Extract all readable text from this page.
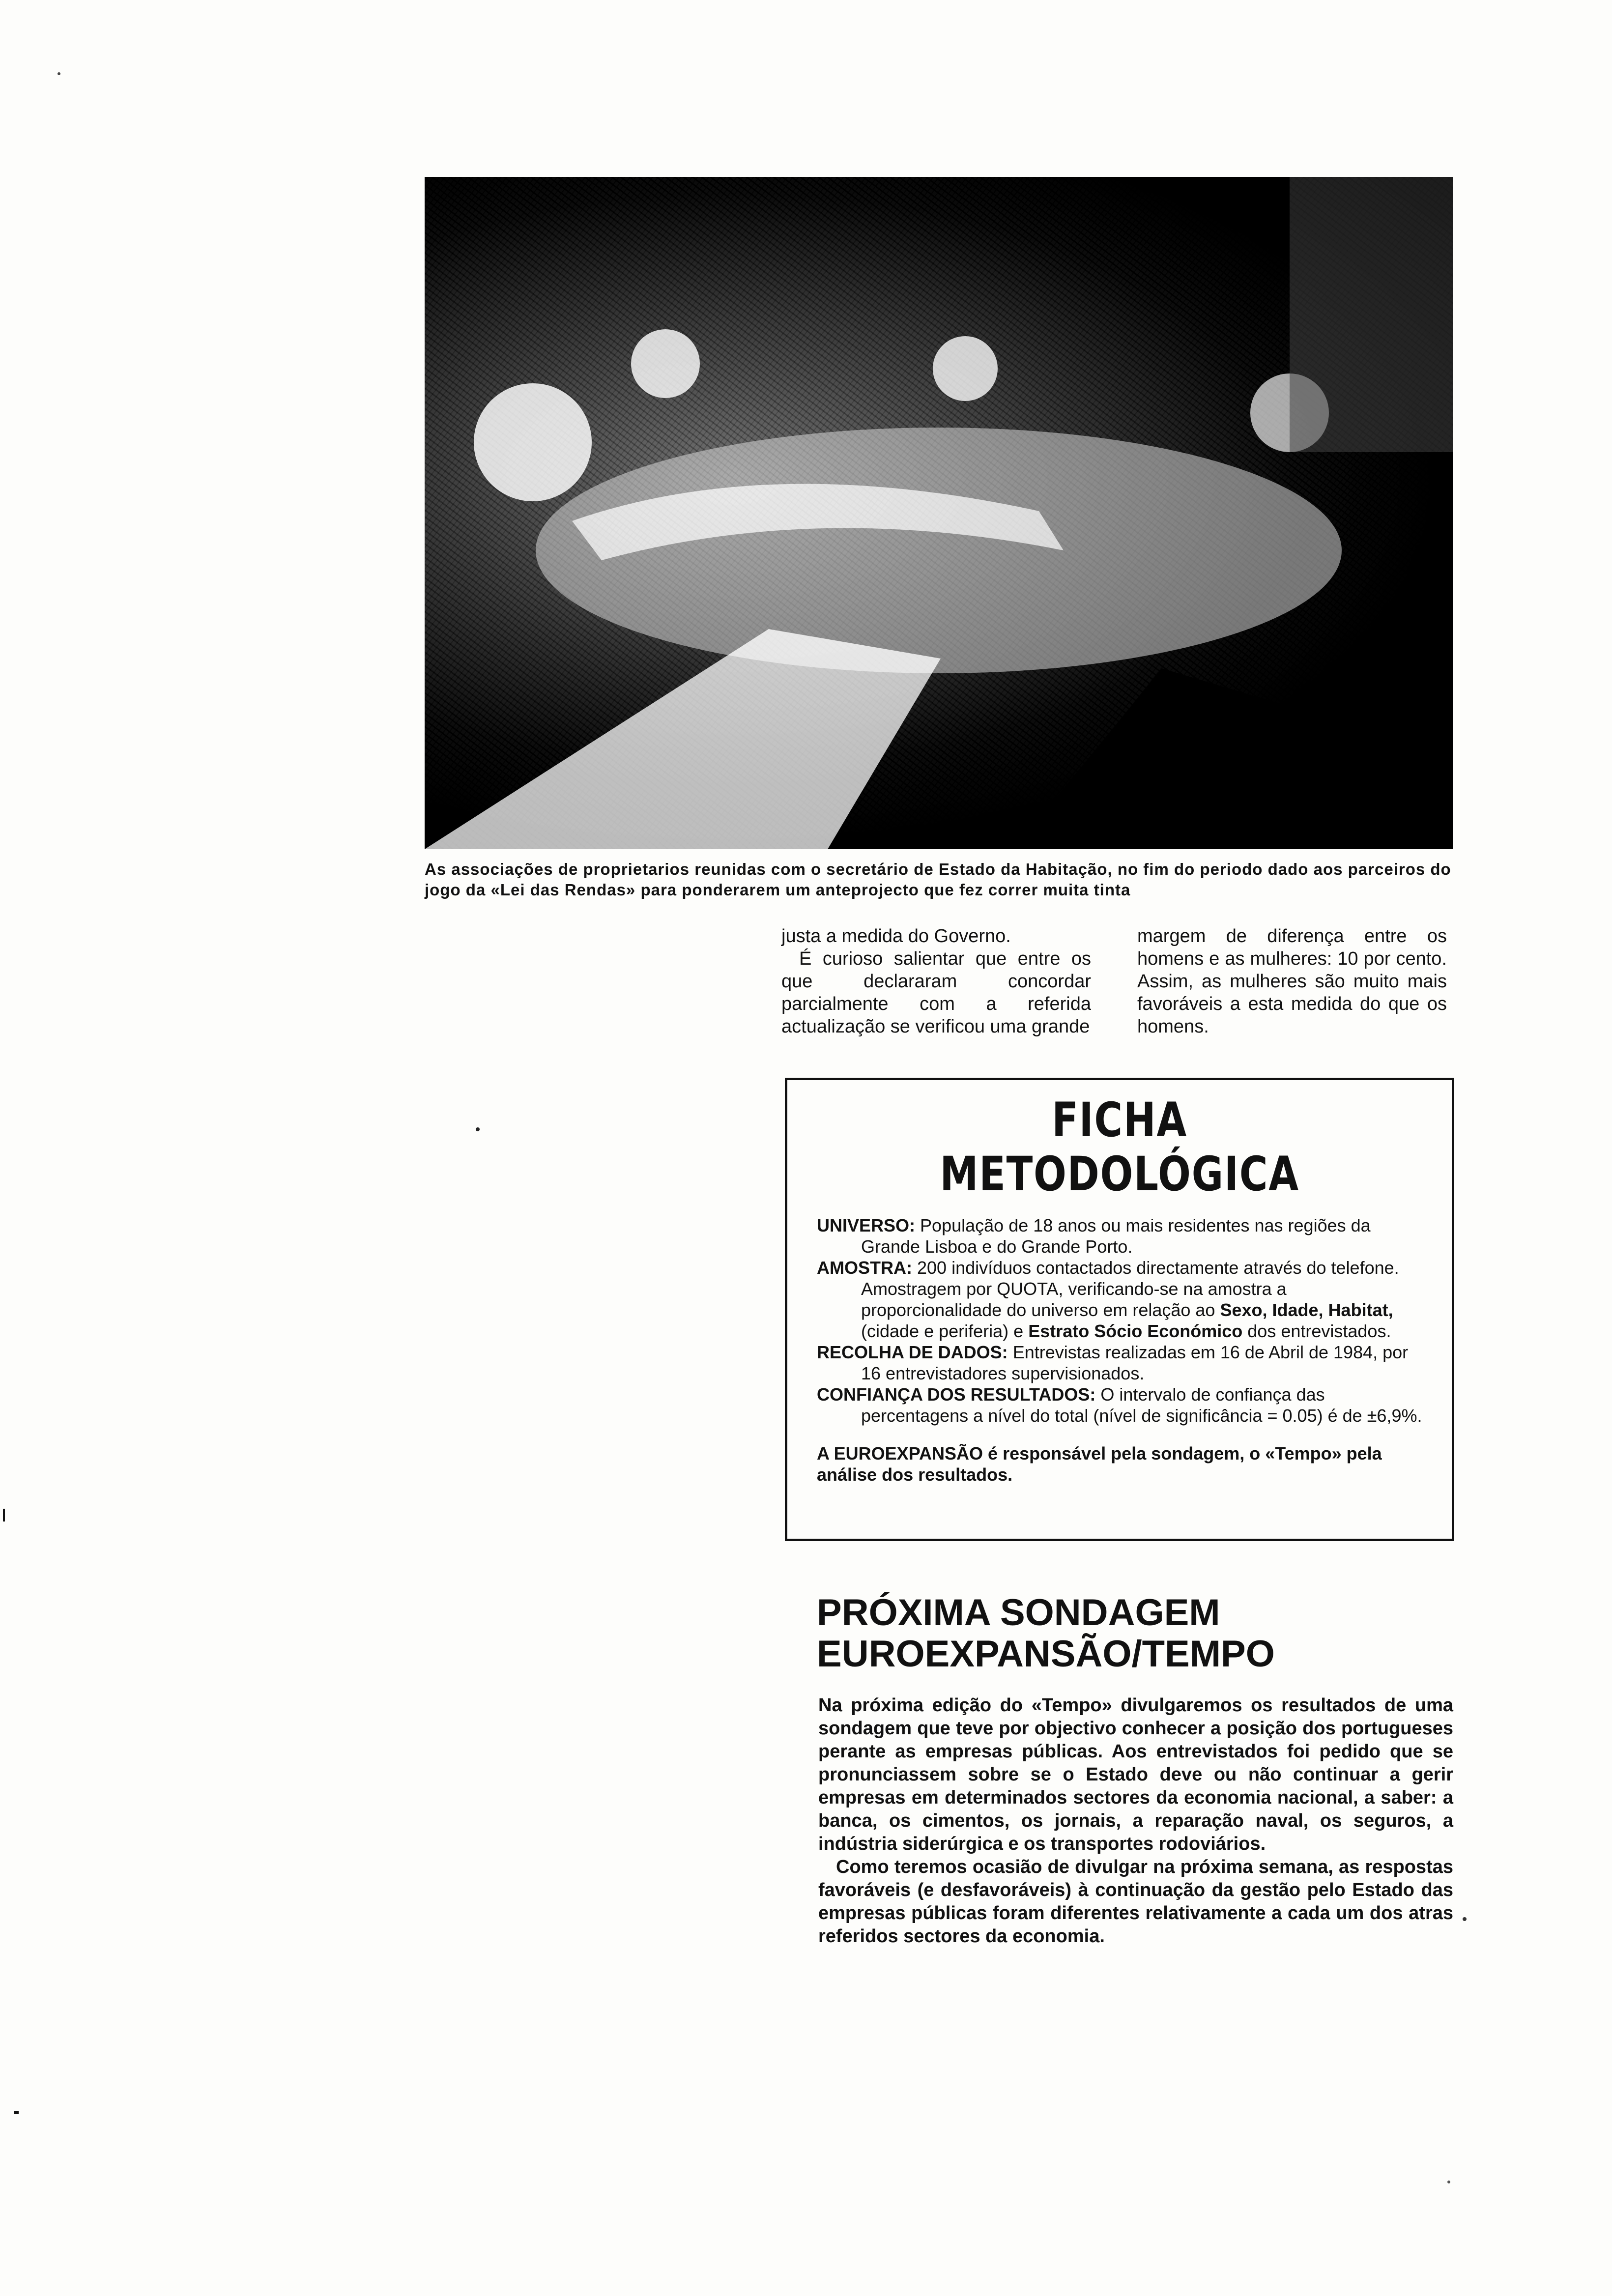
As associações de proprietarios reunidas com o secretário de Estado da Habitação, no fim do periodo dado aos parceiros do jogo da «Lei das Rendas» para ponderarem um anteprojecto que fez correr muita tinta

justa a medida do Governo.

É curioso salientar que entre os que declararam concordar parcialmente com a referida actualização se verificou uma grande

margem de diferença entre os homens e as mulheres: 10 por cento. Assim, as mulheres são muito mais favoráveis a esta medida do que os homens.

FICHA METODOLÓGICA

UNIVERSO: População de 18 anos ou mais residentes nas regiões da Grande Lisboa e do Grande Porto.

AMOSTRA: 200 indivíduos contactados directamente através do telefone. Amostragem por QUOTA, verificando-se na amostra a proporcionalidade do universo em relação ao Sexo, Idade, Habitat, (cidade e periferia) e Estrato Sócio Económico dos entrevistados.

RECOLHA DE DADOS: Entrevistas realizadas em 16 de Abril de 1984, por 16 entrevistadores supervisionados.

CONFIANÇA DOS RESULTADOS: O intervalo de confiança das percentagens a nível do total (nível de significância = 0.05) é de ±6,9%.

A EUROEXPANSÃO é responsável pela sondagem, o «Tempo» pela análise dos resultados.

PRÓXIMA SONDAGEM
EUROEXPANSÃO/TEMPO

Na próxima edição do «Tempo» divulgaremos os resultados de uma sondagem que teve por objectivo conhecer a posição dos portugueses perante as empresas públicas. Aos entrevistados foi pedido que se pronunciassem sobre se o Estado deve ou não continuar a gerir empresas em determinados sectores da economia nacional, a saber: a banca, os cimentos, os jornais, a reparação naval, os seguros, a indústria siderúrgica e os transportes rodoviários.

Como teremos ocasião de divulgar na próxima semana, as respostas favoráveis (e desfavoráveis) à continuação da gestão pelo Estado das empresas públicas foram diferentes relativamente a cada um dos atras referidos sectores da economia.
